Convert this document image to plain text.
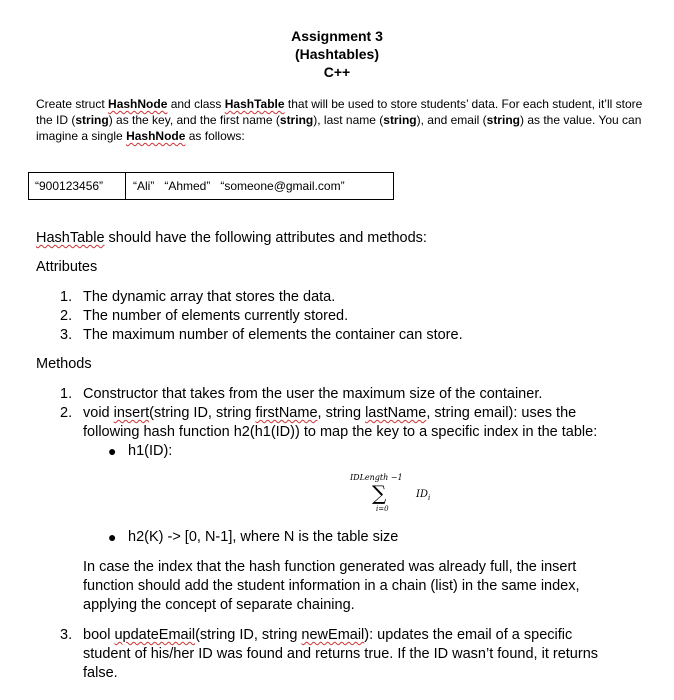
Assignment 3
(Hashtables)
C++
Create struct HashNode and class HashTable that will be used to store students’ data. For each student, it’ll store the ID (string) as the key, and the first name (string), last name (string), and email (string) as the value. You can imagine a single HashNode as follows:
“900123456” “Ali” “Ahmed” “someone@gmail.com”
HashTable should have the following attributes and methods:
Attributes
1. The dynamic array that stores the data.
2. The number of elements currently stored.
3. The maximum number of elements the container can store.
Methods
1. Constructor that takes from the user the maximum size of the container.
2. void insert(string ID, string firstName, string lastName, string email): uses the
following hash function h2(h1(ID)) to map the key to a specific index in the table:
● h1(ID):
IDLength −1
∑
i=0
$ID_i$
● h2(K) -> [0, N-1], where N is the table size
In case the index that the hash function generated was already full, the insert
function should add the student information in a chain (list) in the same index,
applying the concept of separate chaining.
3. bool updateEmail(string ID, string newEmail): updates the email of a specific
student of his/her ID was found and returns true. If the ID wasn’t found, it returns
false.
